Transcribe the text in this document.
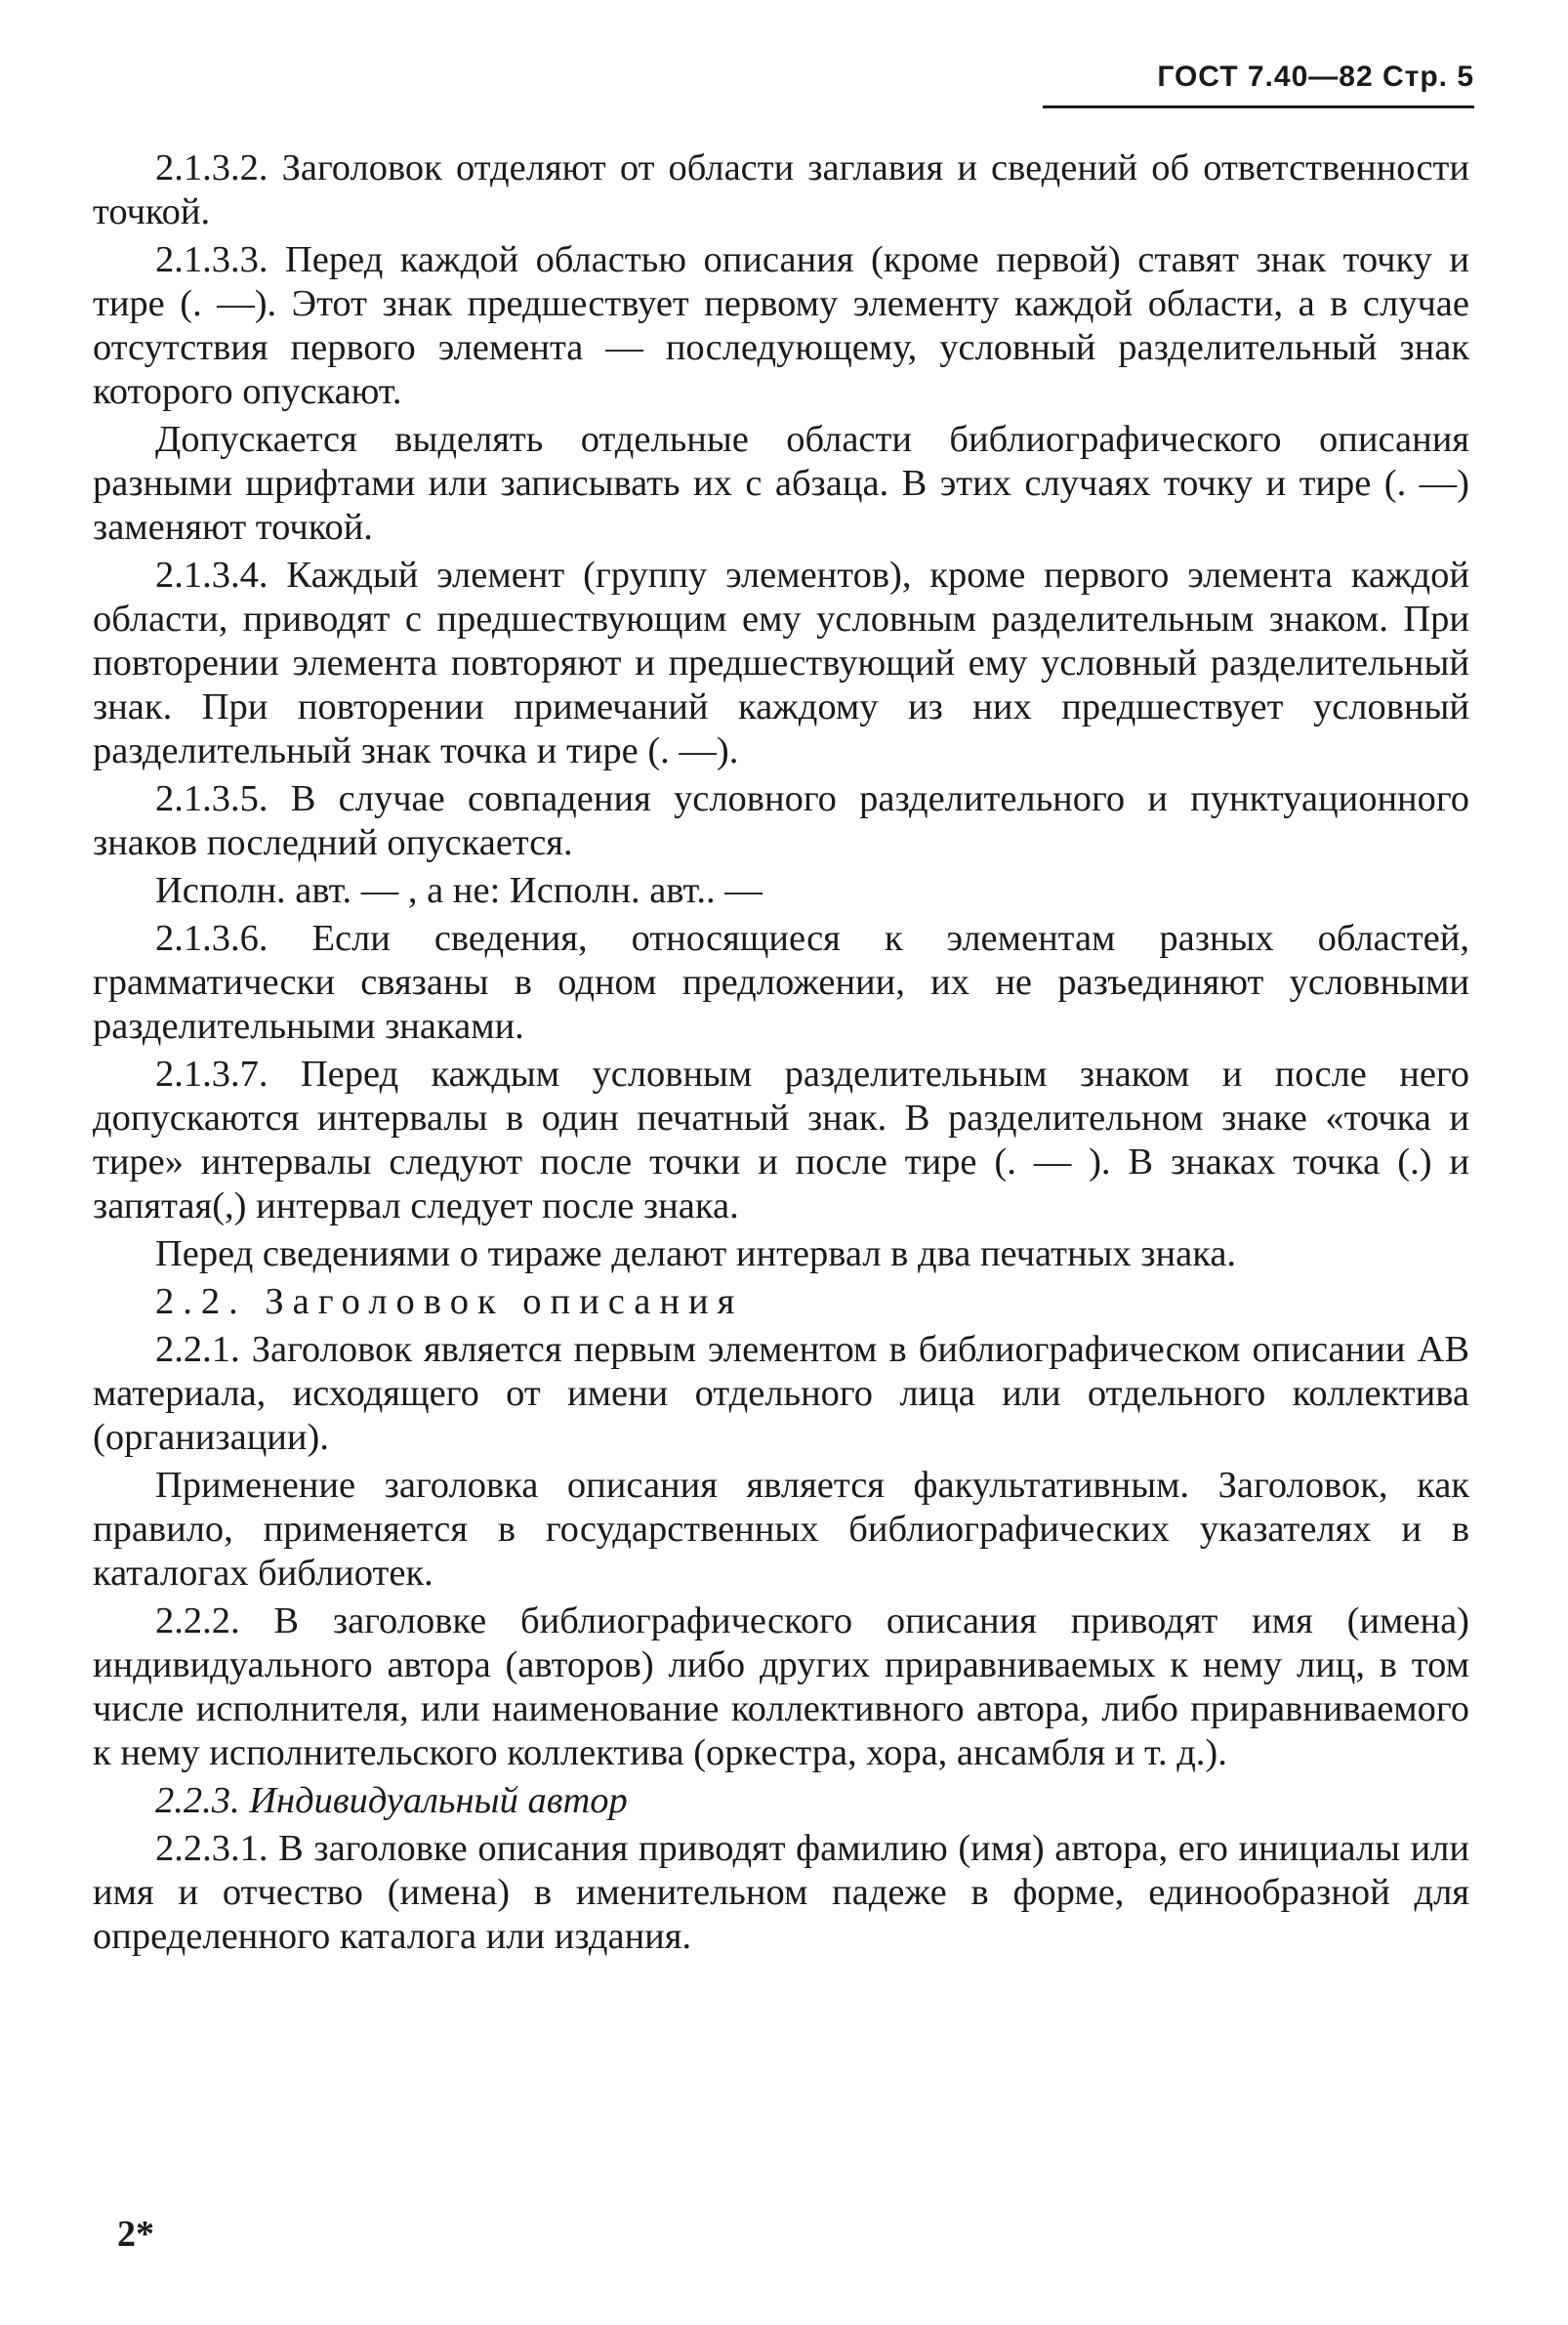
ГОСТ 7.40—82 Стр. 5

2.1.3.2. Заголовок отделяют от области заглавия и сведений об ответственности точкой.

2.1.3.3. Перед каждой областью описания (кроме первой) ставят знак точку и тире (. —). Этот знак предшествует первому элементу каждой области, а в случае отсутствия первого элемента — последующему, условный разделительный знак которого опускают.

Допускается выделять отдельные области библиографического описания разными шрифтами или записывать их с абзаца. В этих случаях точку и тире (. —) заменяют точкой.

2.1.3.4. Каждый элемент (группу элементов), кроме первого элемента каждой области, приводят с предшествующим ему условным разделительным знаком. При повторении элемента повторяют и предшествующий ему условный разделительный знак. При повторении примечаний каждому из них предшествует условный разделительный знак точка и тире (. —).

2.1.3.5. В случае совпадения условного разделительного и пунктуационного знаков последний опускается.

Исполн. авт. — , а не: Исполн. авт.. —

2.1.3.6. Если сведения, относящиеся к элементам разных областей, грамматически связаны в одном предложении, их не разъединяют условными разделительными знаками.

2.1.3.7. Перед каждым условным разделительным знаком и после него допускаются интервалы в один печатный знак. В разделительном знаке «точка и тире» интервалы следуют после точки и после тире (. — ). В знаках точка (.) и запятая(,) интервал следует после знака.

Перед сведениями о тираже делают интервал в два печатных знака.

2.2. Заголовок описания

2.2.1. Заголовок является первым элементом в библиографическом описании АВ материала, исходящего от имени отдельного лица или отдельного коллектива (организации).

Применение заголовка описания является факультативным. Заголовок, как правило, применяется в государственных библиографических указателях и в каталогах библиотек.

2.2.2. В заголовке библиографического описания приводят имя (имена) индивидуального автора (авторов) либо других приравниваемых к нему лиц, в том числе исполнителя, или наименование коллективного автора, либо приравниваемого к нему исполнительского коллектива (оркестра, хора, ансамбля и т. д.).

2.2.3. Индивидуальный автор

2.2.3.1. В заголовке описания приводят фамилию (имя) автора, его инициалы или имя и отчество (имена) в именительном падеже в форме, единообразной для определенного каталога или издания.

2*
